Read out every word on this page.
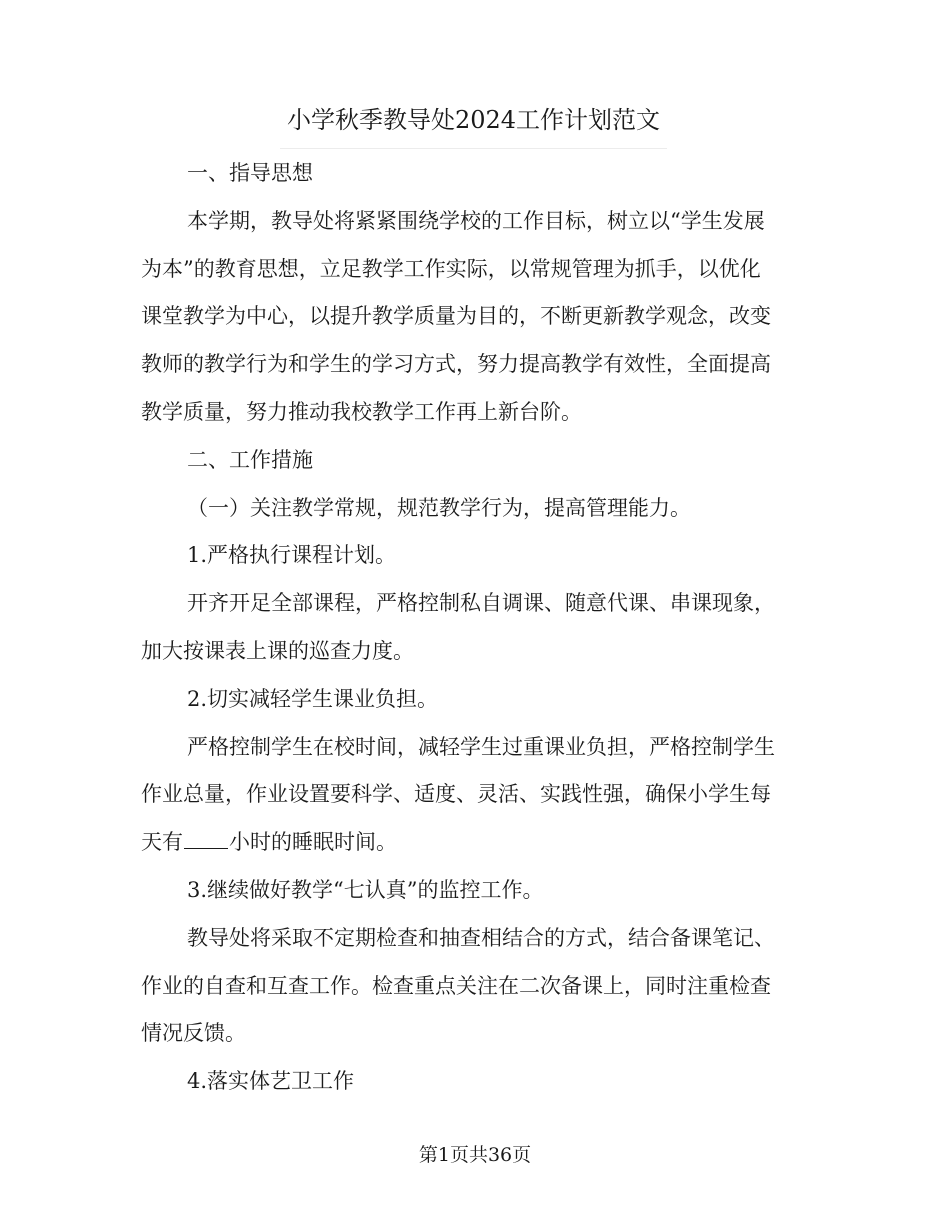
小学秋季教导处2024工作计划范文
一、指导思想
本学期，教导处将紧紧围绕学校的工作目标，树立以“学生发展
为本”的教育思想，立足教学工作实际，以常规管理为抓手，以优化
课堂教学为中心，以提升教学质量为目的，不断更新教学观念，改变
教师的教学行为和学生的学习方式，努力提高教学有效性，全面提高
教学质量，努力推动我校教学工作再上新台阶。
二、工作措施
（一）关注教学常规，规范教学行为，提高管理能力。
1.严格执行课程计划。
开齐开足全部课程，严格控制私自调课、随意代课、串课现象，
加大按课表上课的巡查力度。
2.切实减轻学生课业负担。
严格控制学生在校时间，减轻学生过重课业负担，严格控制学生
作业总量，作业设置要科学、适度、灵活、实践性强，确保小学生每
天有 小时的睡眠时间。
3.继续做好教学“七认真”的监控工作。
教导处将采取不定期检查和抽查相结合的方式，结合备课笔记、
作业的自查和互查工作。检查重点关注在二次备课上，同时注重检查
情况反馈。
4.落实体艺卫工作
第1页共36页
